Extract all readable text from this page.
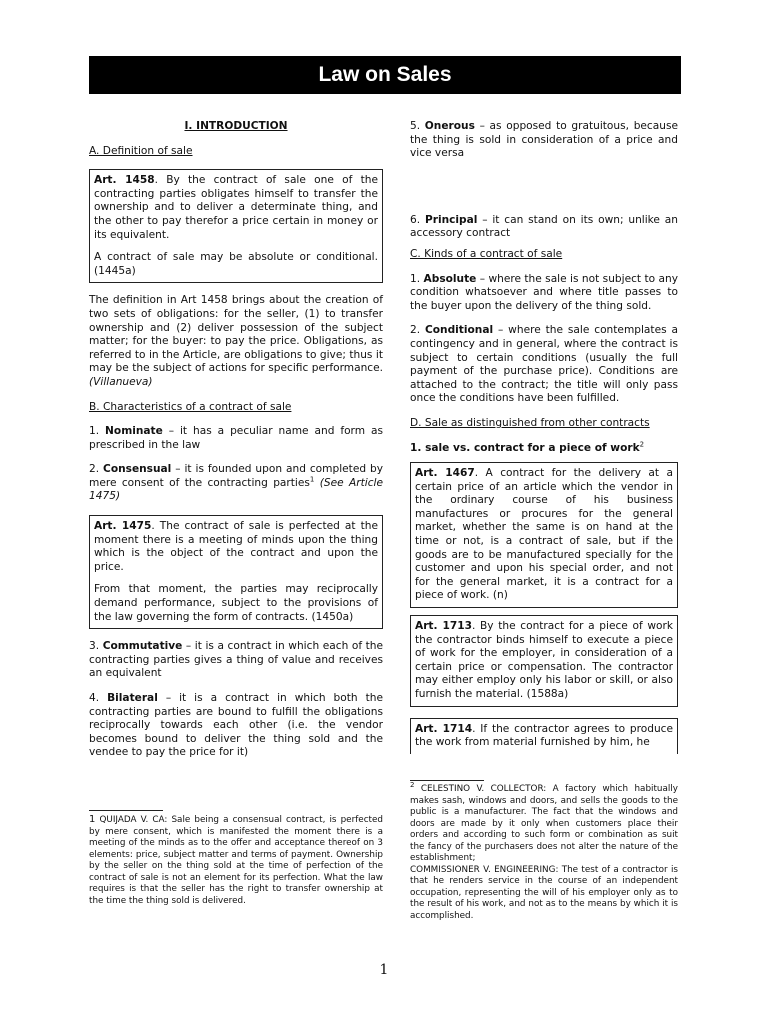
Law on Sales

I. INTRODUCTION

A. Definition of sale

Art. 1458. By the contract of sale one of the contracting parties obligates himself to transfer the ownership and to deliver a determinate thing, and the other to pay therefor a price certain in money or its equivalent.

A contract of sale may be absolute or conditional. (1445a)

The definition in Art 1458 brings about the creation of two sets of obligations: for the seller, (1) to transfer ownership and (2) deliver possession of the subject matter; for the buyer: to pay the price. Obligations, as referred to in the Article, are obligations to give; thus it may be the subject of actions for specific performance. (Villanueva)

B. Characteristics of a contract of sale

1. Nominate – it has a peculiar name and form as prescribed in the law

2. Consensual – it is founded upon and completed by mere consent of the contracting parties$^1$ (See Article 1475)

Art. 1475. The contract of sale is perfected at the moment there is a meeting of minds upon the thing which is the object of the contract and upon the price.

From that moment, the parties may reciprocally demand performance, subject to the provisions of the law governing the form of contracts. (1450a)

3. Commutative – it is a contract in which each of the contracting parties gives a thing of value and receives an equivalent

4. Bilateral – it is a contract in which both the contracting parties are bound to fulfill the obligations reciprocally towards each other (i.e. the vendor becomes bound to deliver the thing sold and the vendee to pay the price for it)

1 QUIJADA V. CA: Sale being a consensual contract, is perfected by mere consent, which is manifested the moment there is a meeting of the minds as to the offer and acceptance thereof on 3 elements: price, subject matter and terms of payment. Ownership by the seller on the thing sold at the time of perfection of the contract of sale is not an element for its perfection. What the law requires is that the seller has the right to transfer ownership at the time the thing sold is delivered.

5. Onerous – as opposed to gratuitous, because the thing is sold in consideration of a price and vice versa

6. Principal – it can stand on its own; unlike an accessory contract

C. Kinds of a contract of sale

1. Absolute – where the sale is not subject to any condition whatsoever and where title passes to the buyer upon the delivery of the thing sold.

2. Conditional – where the sale contemplates a contingency and in general, where the contract is subject to certain conditions (usually the full payment of the purchase price). Conditions are attached to the contract; the title will only pass once the conditions have been fulfilled.

D. Sale as distinguished from other contracts

1. sale vs. contract for a piece of work$^2$

Art. 1467. A contract for the delivery at a certain price of an article which the vendor in the ordinary course of his business manufactures or procures for the general market, whether the same is on hand at the time or not, is a contract of sale, but if the goods are to be manufactured specially for the customer and upon his special order, and not for the general market, it is a contract for a piece of work. (n)

Art. 1713. By the contract for a piece of work the contractor binds himself to execute a piece of work for the employer, in consideration of a certain price or compensation. The contractor may either employ only his labor or skill, or also furnish the material. (1588a)

Art. 1714. If the contractor agrees to produce the work from material furnished by him, he

$^2$ CELESTINO V. COLLECTOR: A factory which habitually makes sash, windows and doors, and sells the goods to the public is a manufacturer. The fact that the windows and doors are made by it only when customers place their orders and according to such form or combination as suit the fancy of the purchasers does not alter the nature of the establishment;

COMMISSIONER V. ENGINEERING: The test of a contractor is that he renders service in the course of an independent occupation, representing the will of his employer only as to the result of his work, and not as to the means by which it is accomplished.

1
